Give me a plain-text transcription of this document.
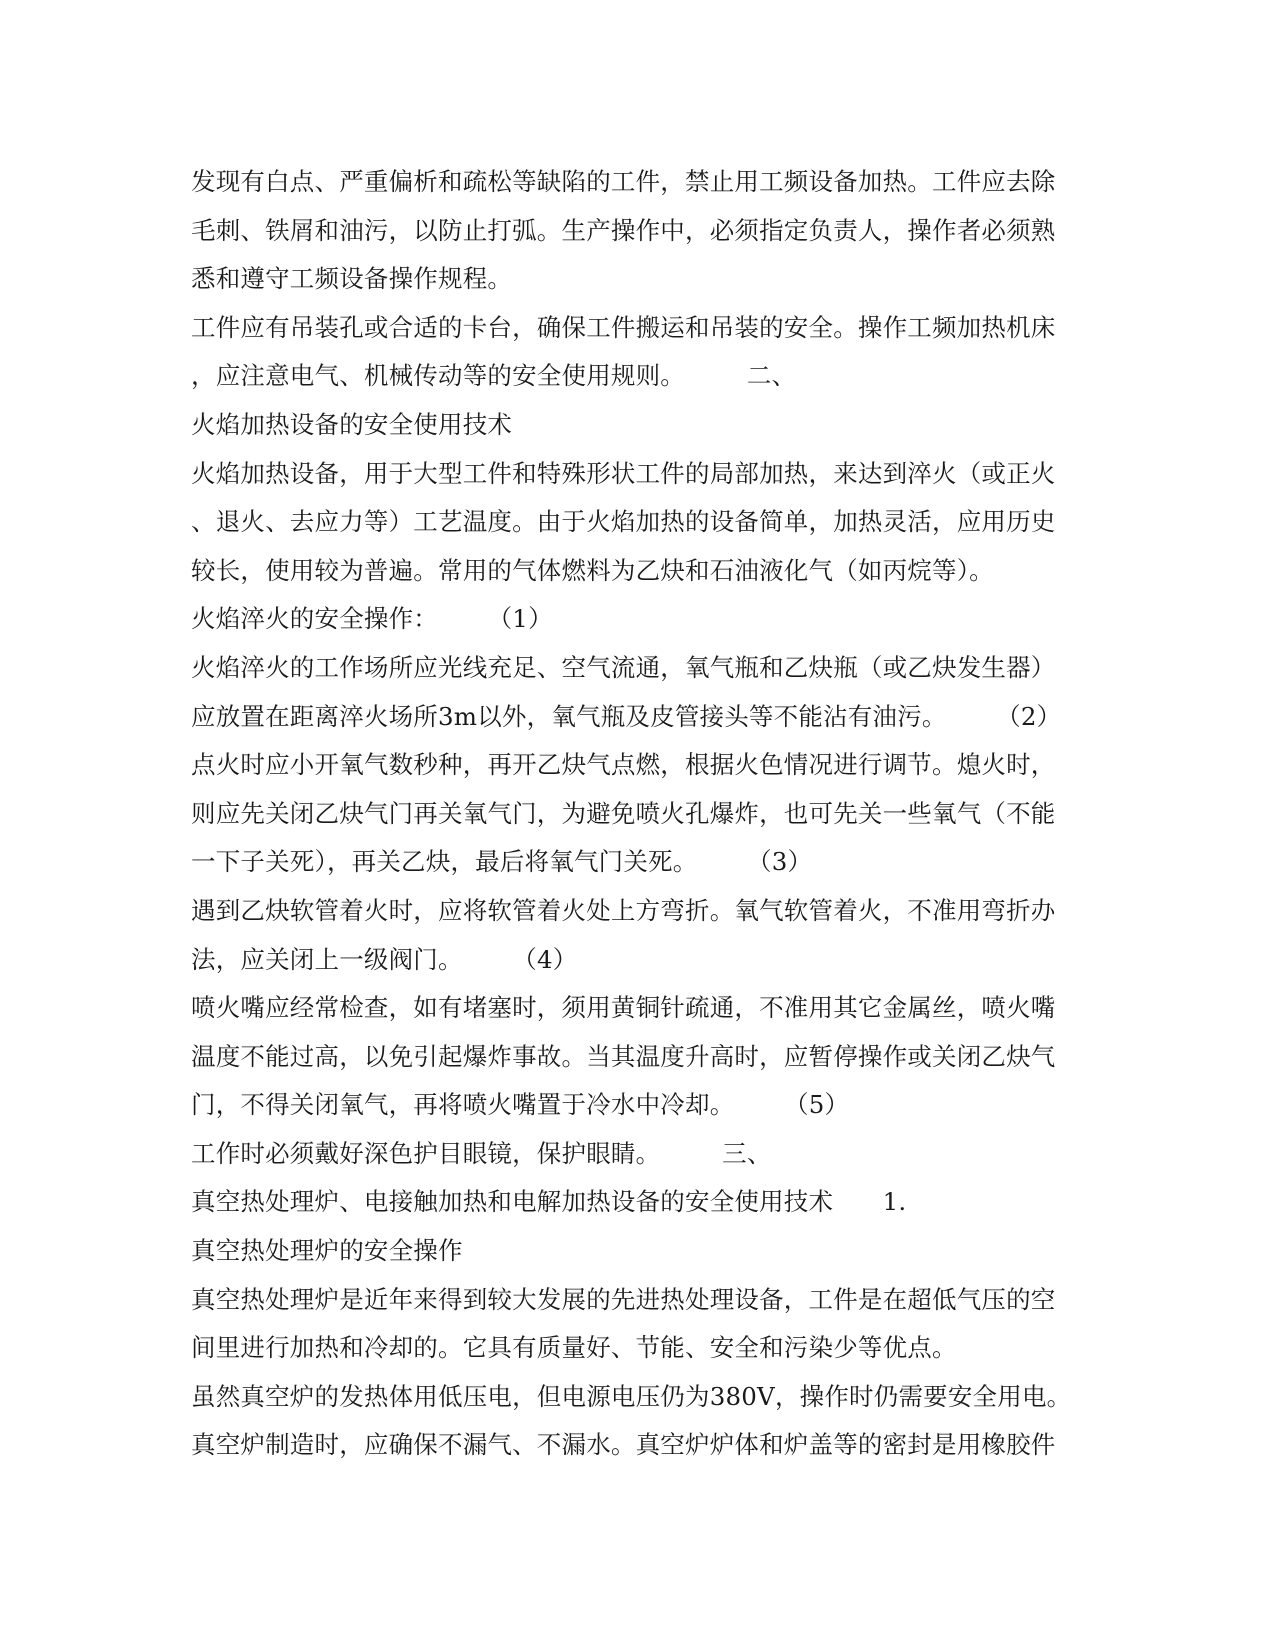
发现有白点、严重偏析和疏松等缺陷的工件，禁止用工频设备加热。工件应去除
毛刺、铁屑和油污，以防止打弧。生产操作中，必须指定负责人，操作者必须熟
悉和遵守工频设备操作规程。
工件应有吊装孔或合适的卡台，确保工件搬运和吊装的安全。操作工频加热机床
，应注意电气、机械传动等的安全使用规则。　　　二、
火焰加热设备的安全使用技术
火焰加热设备，用于大型工件和特殊形状工件的局部加热，来达到淬火（或正火
、退火、去应力等）工艺温度。由于火焰加热的设备简单，加热灵活，应用历史
较长，使用较为普遍。常用的气体燃料为乙炔和石油液化气（如丙烷等）。
火焰淬火的安全操作：　　　（1）
火焰淬火的工作场所应光线充足、空气流通，氧气瓶和乙炔瓶（或乙炔发生器）
应放置在距离淬火场所3m以外，氧气瓶及皮管接头等不能沾有油污。　　　（2）
点火时应小开氧气数秒种，再开乙炔气点燃，根据火色情况进行调节。熄火时，
则应先关闭乙炔气门再关氧气门，为避免喷火孔爆炸，也可先关一些氧气（不能
一下子关死），再关乙炔，最后将氧气门关死。　　　（3）
遇到乙炔软管着火时，应将软管着火处上方弯折。氧气软管着火，不准用弯折办
法，应关闭上一级阀门。　　　（4）
喷火嘴应经常检查，如有堵塞时，须用黄铜针疏通，不准用其它金属丝，喷火嘴
温度不能过高，以免引起爆炸事故。当其温度升高时，应暂停操作或关闭乙炔气
门，不得关闭氧气，再将喷火嘴置于冷水中冷却。　　　（5）
工作时必须戴好深色护目眼镜，保护眼睛。　　　三、
真空热处理炉、电接触加热和电解加热设备的安全使用技术　　1.
真空热处理炉的安全操作
真空热处理炉是近年来得到较大发展的先进热处理设备，工件是在超低气压的空
间里进行加热和冷却的。它具有质量好、节能、安全和污染少等优点。
虽然真空炉的发热体用低压电，但电源电压仍为380V，操作时仍需要安全用电。
真空炉制造时，应确保不漏气、不漏水。真空炉炉体和炉盖等的密封是用橡胶件
